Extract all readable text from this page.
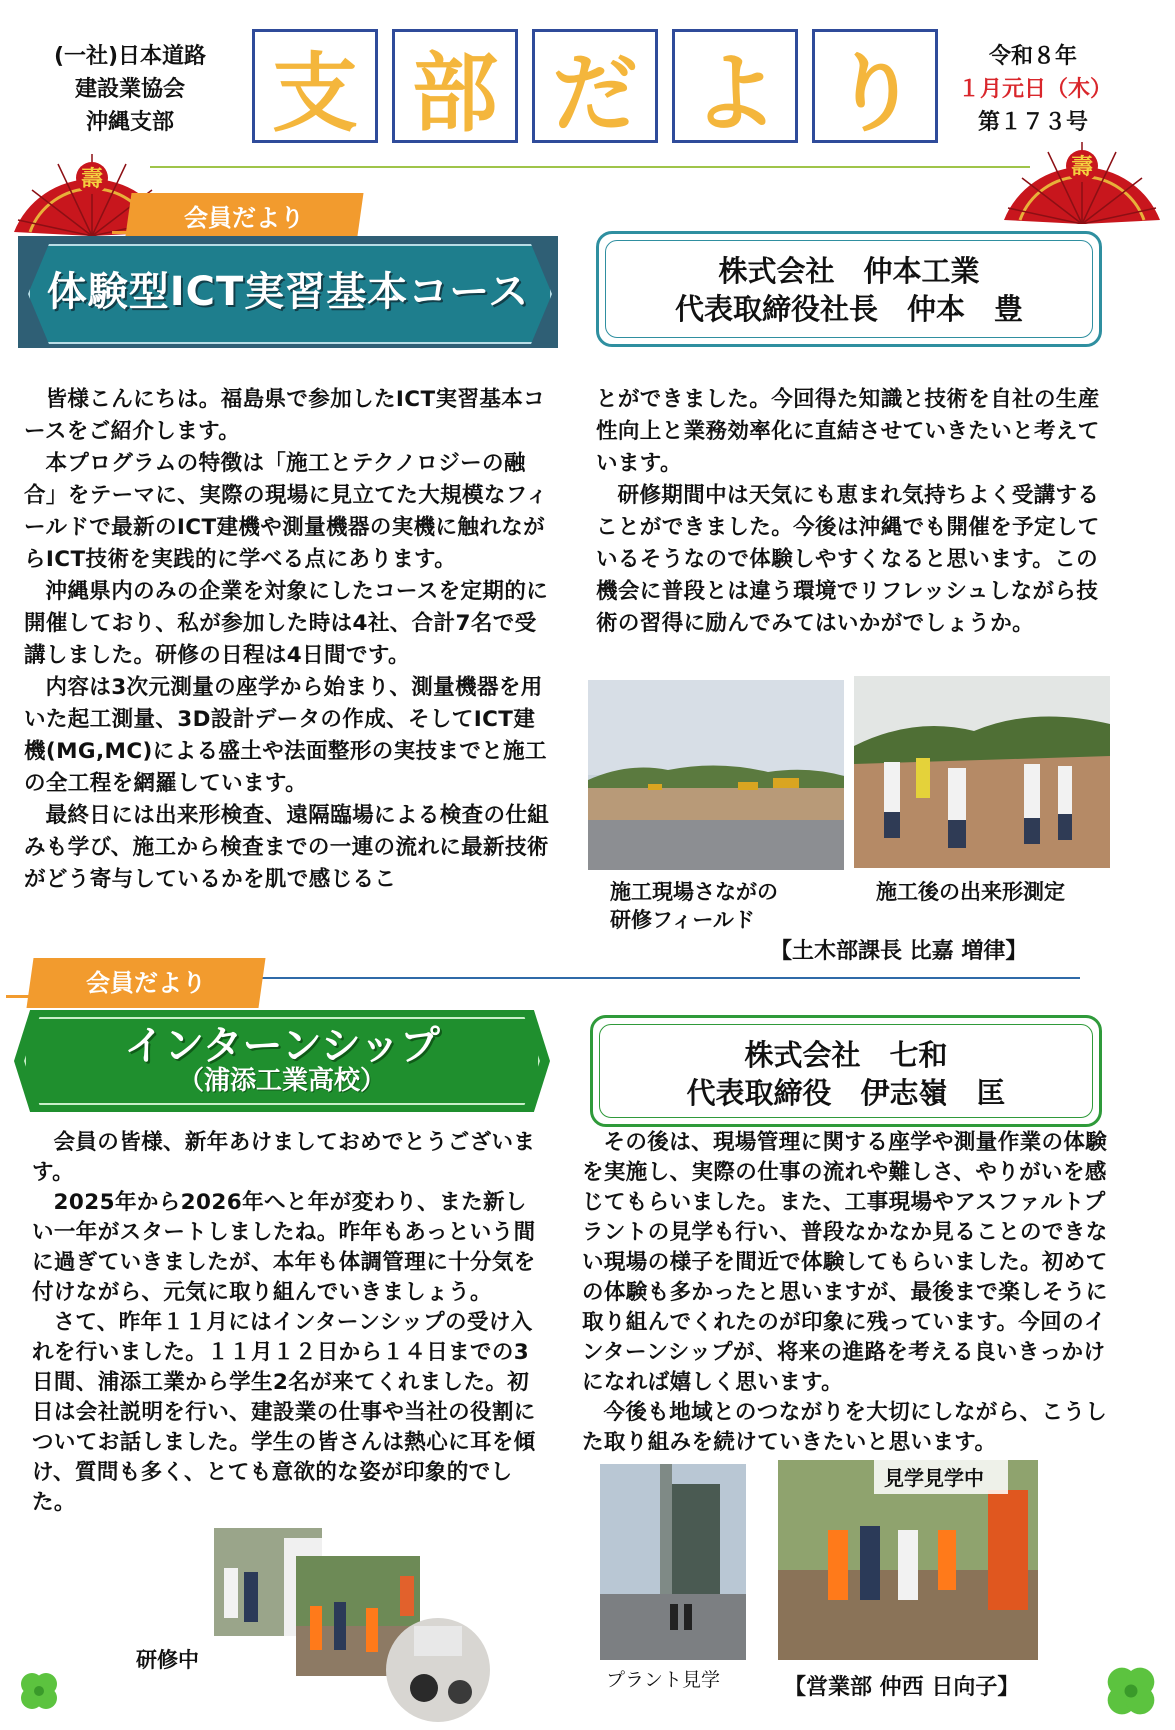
(一社)日本道路
建設業協会
沖縄支部	支 部 だ よ り	令和８年
１月元日（木）
第１７３号
壽	壽
会員だより
体験型ICT実習基本コース	株式会社　仲本工業
代表取締役社長　仲本　豊

皆様こんにちは。福島県で参加したICT実習基本コースをご紹介します。

本プログラムの特徴は「施工とテクノロジーの融合」をテーマに、実際の現場に見立てた大規模なフィールドで最新のICT建機や測量機器の実機に触れながらICT技術を実践的に学べる点にあります。

沖縄県内のみの企業を対象にしたコースを定期的に開催しており、私が参加した時は4社、合計7名で受講しました。研修の日程は4日間です。

内容は3次元測量の座学から始まり、測量機器を用いた起工測量、3D設計データの作成、そしてICT建機(MG,MC)による盛土や法面整形の実技までと施工の全工程を網羅しています。

最終日には出来形検査、遠隔臨場による検査の仕組みも学び、施工から検査までの一連の流れに最新技術がどう寄与しているかを肌で感じるこ

とができました。今回得た知識と技術を自社の生産性向上と業務効率化に直結させていきたいと考えています。

研修期間中は天気にも恵まれ気持ちよく受講することができました。今後は沖縄でも開催を予定しているそうなので体験しやすくなると思います。この機会に普段とは違う環境でリフレッシュしながら技術の習得に励んでみてはいかがでしょうか。

施工現場さながの
研修フィールド
施工後の出来形測定
【土木部課長 比嘉 増律】
会員だより
インターンシップ
（浦添工業高校）
株式会社　七和
代表取締役　伊志嶺　匡

会員の皆様、新年あけましておめでとうございます。

2025年から2026年へと年が変わり、また新しい一年がスタートしましたね。昨年もあっという間に過ぎていきましたが、本年も体調管理に十分気を付けながら、元気に取り組んでいきましょう。

さて、昨年１１月にはインターンシップの受け入れを行いました。１１月１２日から１４日までの3日間、浦添工業から学生2名が来てくれました。初日は会社説明を行い、建設業の仕事や当社の役割についてお話しました。学生の皆さんは熱心に耳を傾け、質問も多く、とても意欲的な姿が印象的でした。

その後は、現場管理に関する座学や測量作業の体験を実施し、実際の仕事の流れや難しさ、やりがいを感じてもらいました。また、工事現場やアスファルトプラントの見学も行い、普段なかなか見ることのできない現場の様子を間近で体験してもらいました。初めての体験も多かったと思いますが、最後まで楽しそうに取り組んでくれたのが印象に残っています。今回のインターンシップが、将来の進路を考える良いきっかけになれば嬉しく思います。

今後も地域とのつながりを大切にしながら、こうした取り組みを続けていきたいと思います。

研修中
プラント見学
見学見学中
【営業部 仲西 日向子】
